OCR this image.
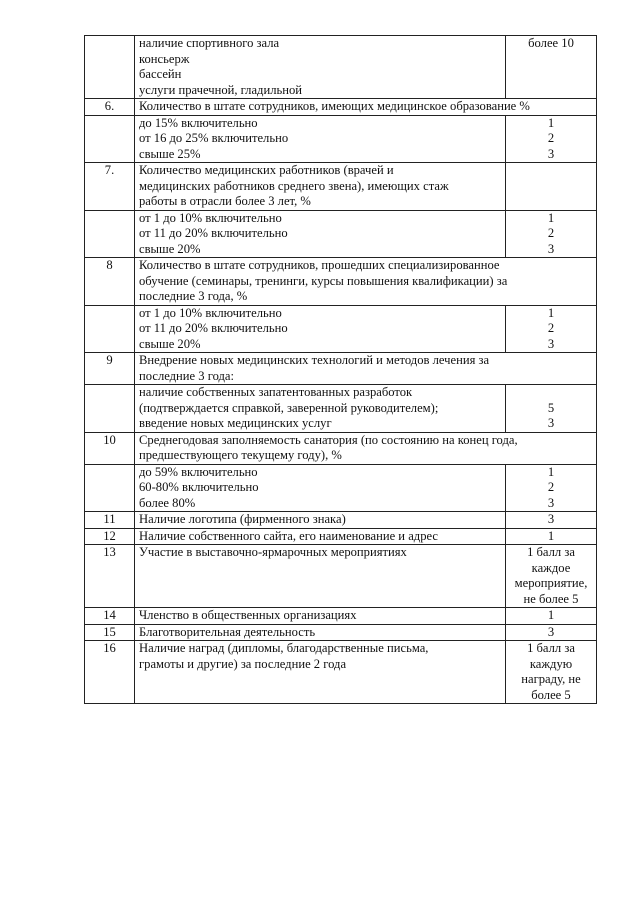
	наличие спортивного зала
консьерж
бассейн
услуги прачечной, гладильной	более 10

6.	Количество в штате сотрудников, имеющих медицинское образование %	

	до 15% включительно
от 16 до 25% включительно
свыше 25%	1
2
3

7.	Количество медицинских работников (врачей и
медицинских работников среднего звена), имеющих стаж
работы в отрасли более 3 лет, %	

	от 1 до 10% включительно
от 11 до 20% включительно
свыше 20%	1
2
3

8	Количество в штате сотрудников, прошедших специализированное
обучение (семинары, тренинги, курсы повышения квалификации) за
последние 3 года, %	

	от 1 до 10% включительно
от 11 до 20% включительно
свыше 20%	1
2
3

9	Внедрение новых медицинских технологий и методов лечения за
последние 3 года:	

	наличие собственных запатентованных разработок
(подтверждается справкой, заверенной руководителем);
введение новых медицинских услуг	5
3

10	Среднегодовая заполняемость санатория (по состоянию на конец года,
предшествующего текущему году), %	

	до 59% включительно
60-80% включительно
более 80%	1
2
3

11	Наличие логотипа (фирменного знака)	3

12	Наличие собственного сайта, его наименование и адрес	1

13	Участие в выставочно-ярмарочных мероприятиях	1 балл за
каждое
мероприятие,
не более 5

14	Членство в общественных организациях	1

15	Благотворительная деятельность	3

16	Наличие наград (дипломы, благодарственные письма,
грамоты и другие) за последние 2 года	1 балл за
каждую
награду, не
более 5
